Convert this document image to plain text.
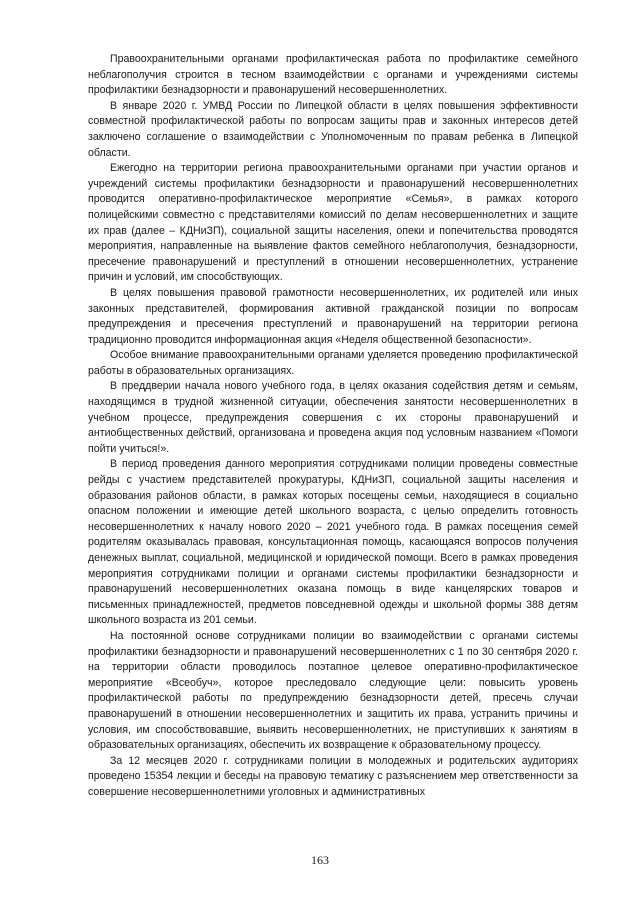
Правоохранительными органами профилактическая работа по профилактике семейного неблагополучия строится в тесном взаимодействии с органами и учреждениями системы профилактики безнадзорности и правонарушений несовершеннолетних.

В январе 2020 г. УМВД России по Липецкой области в целях повышения эффективности совместной профилактической работы по вопросам защиты прав и законных интересов детей заключено соглашение о взаимодействии с Уполномоченным по правам ребенка в Липецкой области.

Ежегодно на территории региона правоохранительными органами при участии органов и учреждений системы профилактики безнадзорности и правонарушений несовершеннолетних проводится оперативно-профилактическое мероприятие «Семья», в рамках которого полицейскими совместно с представителями комиссий по делам несовершеннолетних и защите их прав (далее – КДНиЗП), социальной защиты населения, опеки и попечительства проводятся мероприятия, направленные на выявление фактов семейного неблагополучия, безнадзорности, пресечение правонарушений и преступлений в отношении несовершеннолетних, устранение причин и условий, им способствующих.

В целях повышения правовой грамотности несовершеннолетних, их родителей или иных законных представителей, формирования активной гражданской позиции по вопросам предупреждения и пресечения преступлений и правонарушений на территории региона традиционно проводится информационная акция «Неделя общественной безопасности».

Особое внимание правоохранительными органами уделяется проведению профилактической работы в образовательных организациях.

В преддверии начала нового учебного года, в целях оказания содействия детям и семьям, находящимся в трудной жизненной ситуации, обеспечения занятости несовершеннолетних в учебном процессе, предупреждения совершения с их стороны правонарушений и антиобщественных действий, организована и проведена акция под условным названием «Помоги пойти учиться!».

В период проведения данного мероприятия сотрудниками полиции проведены совместные рейды с участием представителей прокуратуры, КДНиЗП, социальной защиты населения и образования районов области, в рамках которых посещены семьи, находящиеся в социально опасном положении и имеющие детей школьного возраста, с целью определить готовность несовершеннолетних к началу нового 2020 – 2021 учебного года. В рамках посещения семей родителям оказывалась правовая, консультационная помощь, касающаяся вопросов получения денежных выплат, социальной, медицинской и юридической помощи. Всего в рамках проведения мероприятия сотрудниками полиции и органами системы профилактики безнадзорности и правонарушений несовершеннолетних оказана помощь в виде канцелярских товаров и письменных принадлежностей, предметов повседневной одежды и школьной формы 388 детям школьного возраста из 201 семьи.

На постоянной основе сотрудниками полиции во взаимодействии с органами системы профилактики безнадзорности и правонарушений несовершеннолетних с 1 по 30 сентября 2020 г. на территории области проводилось поэтапное целевое оперативно-профилактическое мероприятие «Всеобуч», которое преследовало следующие цели: повысить уровень профилактической работы по предупреждению безнадзорности детей, пресечь случаи правонарушений в отношении несовершеннолетних и защитить их права, устранить причины и условия, им способствовавшие, выявить несовершеннолетних, не приступивших к занятиям в образовательных организациях, обеспечить их возвращение к образовательному процессу.

За 12 месяцев 2020 г. сотрудниками полиции в молодежных и родительских аудиториях проведено 15354 лекции и беседы на правовую тематику с разъяснением мер ответственности за совершение несовершеннолетними уголовных и административных

163
